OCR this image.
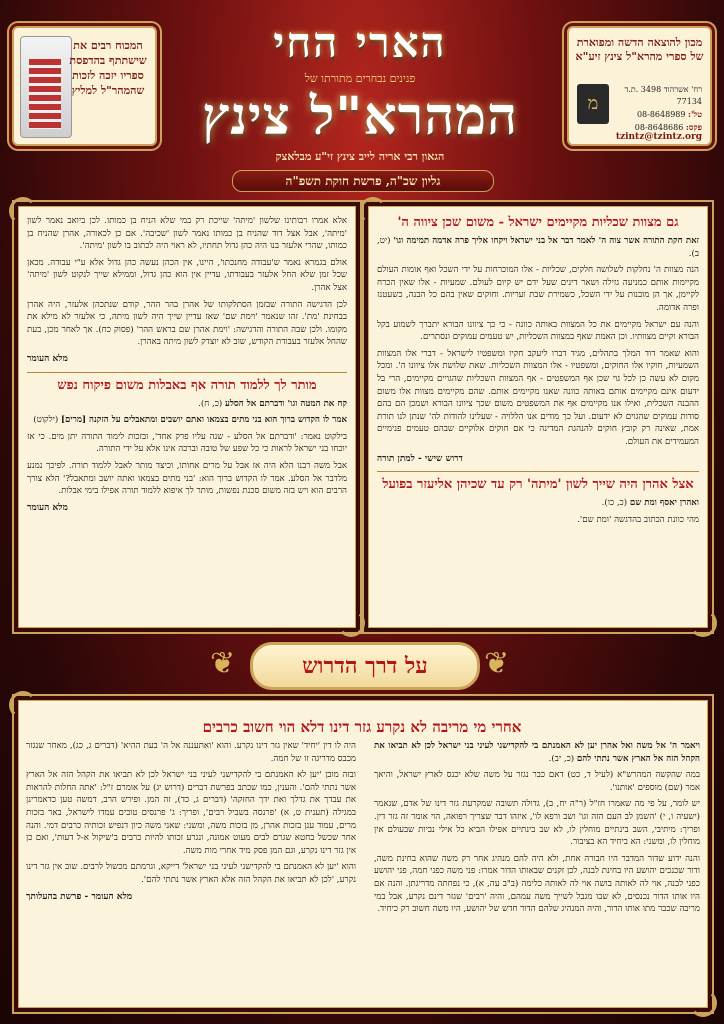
מכון להוצאה הדשה ומפוארת של ספרי מהרא"ל צינץ זיע"א
מ
רח' אשרהוד 3498 .ת.ד 77134
טל': 08-8648989
פקס: 08-8648686
tzintz@tzintz.org
המכוח רבים את שישתתף בהדפסת ספריו יזכה לזכות שהמהר"ל למליץ
הארי החי
פנינים נבחרים מתורתו של
המהרא"ל צינץ
הגאון רבי אריה לייב צינץ זי"ע מבלאצק
גליון שכ"ה, פרשת חוקת תשפ"ה
גם מצוות שכליות מקיימים ישראל - משום שכן ציווה ה'

זאת חקת התורה אשר צוה ה' לאמר דבר אל בני ישראל ויקחו אליך פרה אדמה תמימה וגו' (יט, ב).

הנה מצוות ה' נחלקות לשלושה חלקים, שכליות - אלו המוכרחות על ידי השכל ואף אומות העולם מקיימות אותם כמניעה גזילה ושאר דינים שעל ידם יש קיום לעולם. שמעיות - אלו שאין הכרח לקיימן, אך הן מובנות על ידי השכל, כשמירת שבת ועריות. וחוקים שאין בהם כל הבנה, כשעטנז ופרה אדומה.

והנה עם ישראל מקיימים את כל המצוות באותה כוונה - כי כך ציוונו הבורא יתברך לשמוע בקל הבורא וקיים מצוותיו. וכן האמת שאף במצוות השכליות, יש טעמים עמוקים ונסתרים.

והוא שאמר דוד המלך בתהלים, מגיד דברו ליעקב חקיו ומשפטיו לישראל - דברי אלו המצוות השמעיות, חוקיו אלו החוקים, ומשפטיו - אלו המצוות השכליות. שאת שלושת אלו ציוונו ה'. ומכל מקום לא עשה כן לכל גוי שכן אף המשפטים - אף המצוות השכליות שהגויים מקיימים, הרי בל ידעום אינם מקיימים אותם באותה כוונה שאנו מקיימים אותם. שהם מקיימים מצוות אלו משום ההבנה השכלית, ואילו אנו מקיימים אף את המשפטים משום שכך ציוונו הבורא ושמכן הם בהם סודות עמוקים שהגוים לא ידעום. ועל כך מודים אנו הללויה - שעלינו להודות לה' שנתן לנו תורת אמת, שאינה רק קובץ חוקים להנהגת המדינה כי אם חוקים אלוקיים שבהם טעמים פנימיים המעמידים את העולם.

דרוש שישי - למתן תורה
אצל אהרן היה שייך לשון 'מיתה' רק עד שכיהן אליעזר בפועל

ואהרן יאסף ומת שם (כ, כו).

מהי כוונת הכתוב בהדגשה 'ומת שם'.

אלא אמרו רבותינו שלשון 'מיתה' שייכת רק במי שלא הניח בן כמותו. לכן ביואב נאמר לשון 'מיתה', אבל אצל דוד שהניח בן כמותו נאמר לשון 'שכיבה'. אם כן לכאורה, אהרן שהניח בן כמותו, שהרי אלעזר בנו היה כהן גדול תחתיו, לא ראוי היה לכתוב בו לשון 'מיתה'.

אולם בגמרא נאמר ש'עבודה מחנכתו', היינו, אין הכהן נעשה כהן גדול אלא ע"י עבודה. מכאן שכל זמן שלא החל אלעזר בעבודתו, עדיין אין הוא כהן גדול, וממילא שייך לנקוט לשון 'מיתה' אצל אהרן.

לכן הדגישה התורה שבזמן הסתלקותו של אהרן בהר ההר, קודם שנתכהן אלעזר, היה אהרן בבחינת 'מת'. זהו שנאמר 'וימת שם' שאז עדיין שייך היה לשון מיתה, כי אלעזר לא מילא את מקומו. ולכן שבה התורה והדגישה: 'וימת אהרן שם בראש ההר' (פסוק כח). אך לאחר מכן, בעת שהחל אלעזר בעבודת הקודש, שוב לא יוצדק לשון מיתה באהרן.

מלא העומר
מותר לך ללמוד תורה אף באבלות משום פיקוח נפש

קח את המטה וגו' ודברתם אל הסלע (כ, ח).

אמר לו הקדוש ברוך הוא בני מתים בצמאו ואתם יושבים ומתאבלים על הזקנה [מרים] (ילקוט)

בילקוט נאמר: 'ודברתם אל הסלע - שנה עליו פרק אחד', ובזכות לימוד התורה יתן מים. כי אז יוכחו בני ישראל לראות כי כל שפע של טובה וברכה אינו אלא על ידי התורה.

אבל משה רבנו הלא היה אז אבל על מרים אחותו, וכיצד מותר לאבל ללמוד תורה. לפיכך נמנע מלדבר אל הסלע. אמר לו הקדוש ברוך הוא: 'בני מתים בצמאו ואתה יושב ומתאבל?' הלא צורך הרבים הוא ויש בזה משום סכנת נפשות, מותר לך איפוא ללמוד תורה אפילו בימי אבלות.

מלא העומר
❦	❦
על דרך הדרוש
אחרי מי מריבה לא נקרע גזר דינו דלא הוי חשוב כרבים

ויאמר ה' אל משה ואל אהרן יען לא האמנתם בי להקדישני לעיני בני ישראל לכן לא תביאו את הקהל הזה אל הארץ אשר נתתי להם (כ, יב).

במה שהקשה המהרש"א (לעיל ד, כט) דאם כבר נגזר על משה שלא יכנס לארץ ישראל, והיאך אמר (שם) מוספים 'אותנו'.

יש לומר, על פי מה שאמרו חז"ל (ר"ה יח, ב), גדולה תשובה שמקרעת גזר דינו של אדם, שנאמר (ישעיה ו, י) 'השמן לב העם הזה וגו' ושב ורפא לו', איזהו דבר שצריך רפואה, הוי אומר זה גזר דין. ופריך: מיתיבי, השב בינתיים מוחלין לו, לא שב בינתיים אפילו הביא כל אילי נביות שבעולם אין מוחלין לו, ומשני: הא ביחיד הא בציבור.

והנה ידוע שדור המדבר היו חבורה אחת, ולא היה להם מנהיג אחר רק משה שהוא בחינת משה, ודור שכנכים יהושע היו בחינת לבנה, לכן זקנים שבאותו הדור אמרו: פני משה כפני חמה, פני יהושע כפני לבנה, אוי לה לאותה בושה אוי לה לאותה כלימה (ב"ב עה, א), כי נפחתה מדריגתן. והנה אם היו אותו הדור נכנסים, לא שבו מגבל לשייך משה עמהם, והיה 'רבים' שגזר דינם נקרע, אבל במי מריבה שכבר מתו אותו הדור, והיה המנהיג שלהם הדור חדש של יהושע, היו משה חשוב רק כיחיד.

היה לו דין 'יחיד' שאין גזר דינו נקרע. והוא 'ואתעננה אל ה' בעת ההיא' (דברים ג, כג), מאחר שנגזר מכבס מדריגה זו של חמה.

ובזה מובן 'יען לא האמנתם בי להקדישני לעיני בני ישראל לכן לא תביאו את הקהל הזה אל הארץ אשר נתתי להם'. והענין, כמו שכתב בפרשת דברים (דרוש יג) על אומרם ז"ל: 'אתה החלות להראות את עבדך את גדלך ואת ידך החזקה' (דברים ג, כד), זה המן. ופירש הרב, דמשה טען כדאמרינן במגילה (תענית ט, א) 'פרנסה בשביל רבים', ופריך: ג' פרנסים טובים עמדו לישראל, באר בזכות מרים, עמוד ענן בזכות אהרן, מן בזכות משה, ומשני: שאני משה כיון דנפיש זכותיה כרבים דמי. והנה אחר שכשל בחטא שגרם לבים מעוט אמונה, ונגרע זכותו להיות כרבים ב'שיקול א-ל דעות', ואם כן אין גזר דינו נקרע, וגם המן פסק מיד אחרי מות משה.

והוא 'יען לא האמנתם בי להקדישני לעיני בני ישראל' דייקא, וגרמתם מכשול לרבים. שוב אין גזר דינו נקרע, 'לכן לא תביאו את הקהל הזה אלא הארץ אשר נתתי להם'.

מלא העומר - פרשת בהעלותך
